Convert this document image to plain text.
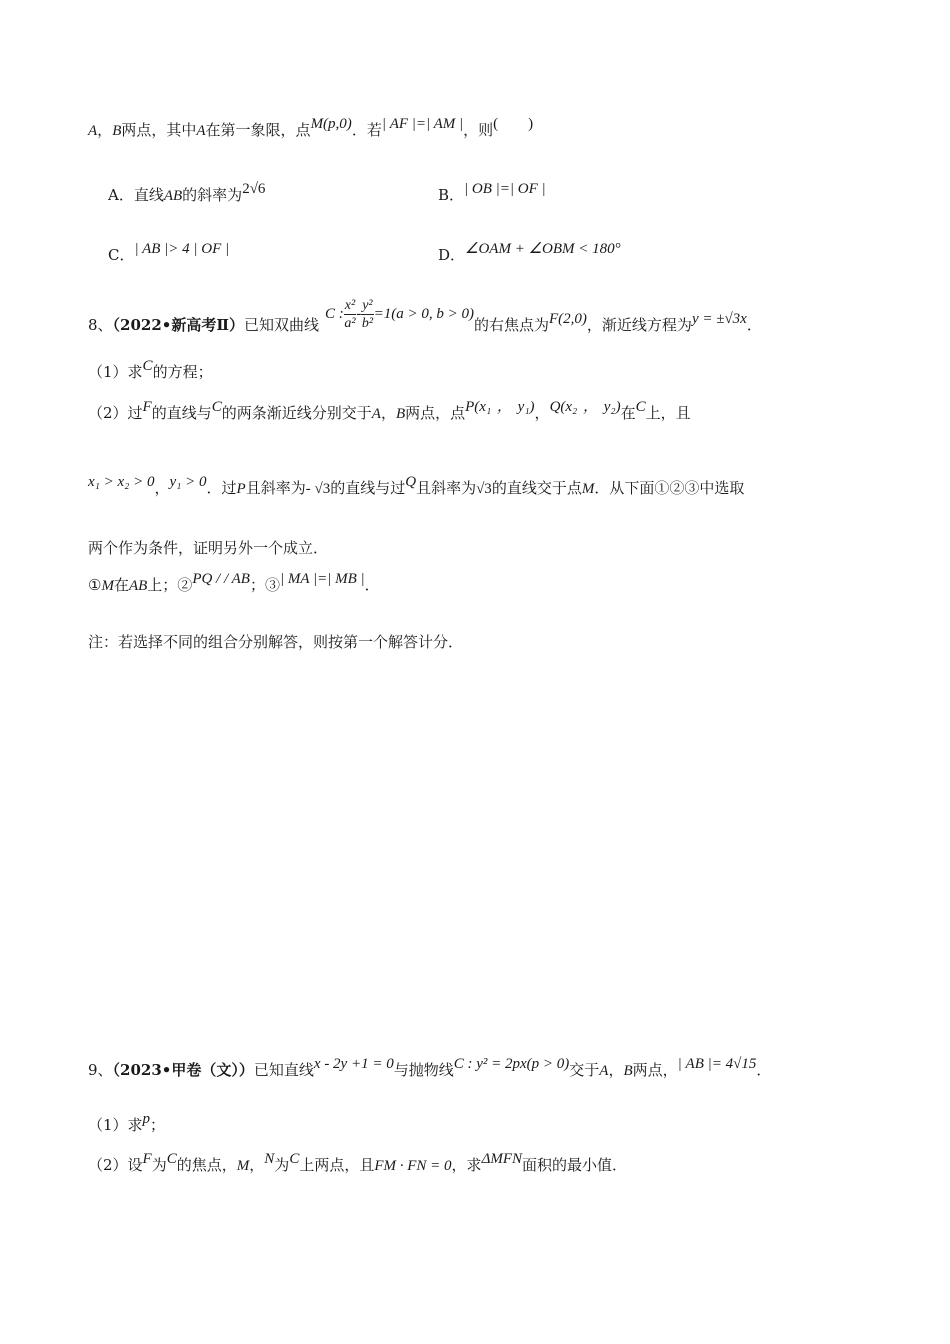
A，B两点，其中A在第一象限，点M(p,0)．若| AF |=| AM |，则(　　)
A．直线AB的斜率为2√6	B．| OB |=| OF |
C．| AB |> 4 | OF |	D．∠OAM + ∠OBM < 180°
8、（2022•新高考Ⅱ）已知双曲线C : $\frac{\text{x²}}{\text{a²}} - \frac{\text{y²}}{\text{b²}} =1(a > 0$, b > 0)的右焦点为F(2,0)，渐近线方程为y = ±√3x．
（1）求C的方程；
（2）过F的直线与C的两条渐近线分别交于A，B两点，点P(x₁ ， y₁)，Q(x₂ ， y₂)在C上，且
x₁ > x₂ > 0，y₁ > 0．过P且斜率为- √3的直线与过Q且斜率为√3的直线交于点M．从下面①②③中选取
两个作为条件，证明另外一个成立．
①M在AB上；②PQ / / AB；③| MA |=| MB |．
注：若选择不同的组合分别解答，则按第一个解答计分．
9、（2023•甲卷（文））已知直线x - 2y +1 = 0与抛物线C : y² = 2px(p > 0)交于A，B两点，| AB |= 4√15．
（1）求p；
（2）设F为C的焦点，M，N为C上两点，且FM · FN = 0，求ΔMFN面积的最小值．
